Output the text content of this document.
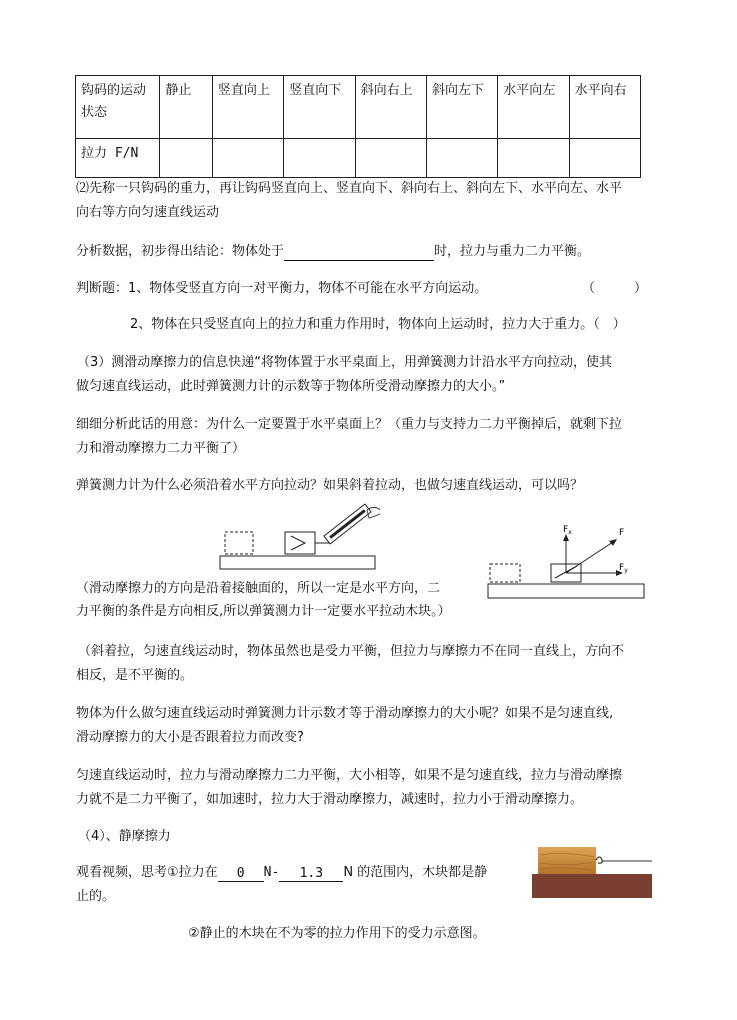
钩码的运动状态	静止	竖直向上	竖直向下	斜向右上	斜向左下	水平向左	水平向右
拉力 F/N							
⑵先称一只钩码的重力，再让钩码竖直向上、竖直向下、斜向右上、斜向左下、水平向左、水平
向右等方向匀速直线运动
分析数据，初步得出结论：物体处于	时，拉力与重力二力平衡。
判断题：1、物体受竖直方向一对平衡力，物体不可能在水平方向运动。	（　　　）
2、物体在只受竖直向上的拉力和重力作用时，物体向上运动时，拉力大于重力。（　）
（3）测滑动摩擦力的信息快递“将物体置于水平桌面上，用弹簧测力计沿水平方向拉动，使其
做匀速直线运动，此时弹簧测力计的示数等于物体所受滑动摩擦力的大小。”
细细分析此话的用意：为什么一定要置于水平桌面上？（重力与支持力二力平衡掉后，就剩下拉
力和滑动摩擦力二力平衡了）
弹簧测力计为什么必须沿着水平方向拉动？如果斜着拉动，也做匀速直线运动，可以吗？
$F_x$	F
$F_y$
（滑动摩擦力的方向是沿着接触面的，所以一定是水平方向，二
力平衡的条件是方向相反,所以弹簧测力计一定要水平拉动木块。）
（斜着拉，匀速直线运动时，物体虽然也是受力平衡，但拉力与摩擦力不在同一直线上，方向不
相反，是不平衡的。
物体为什么做匀速直线运动时弹簧测力计示数才等于滑动摩擦力的大小呢？如果不是匀速直线,
滑动摩擦力的大小是否跟着拉力而改变?
匀速直线运动时，拉力与滑动摩擦力二力平衡，大小相等，如果不是匀速直线，拉力与滑动摩擦
力就不是二力平衡了，如加速时，拉力大于滑动摩擦力，减速时，拉力小于滑动摩擦力。
（4）、静摩擦力
观看视频，思考①拉力在 0 N- 1.3 N 的范围内，木块都是静
止的。
②静止的木块在不为零的拉力作用下的受力示意图。
